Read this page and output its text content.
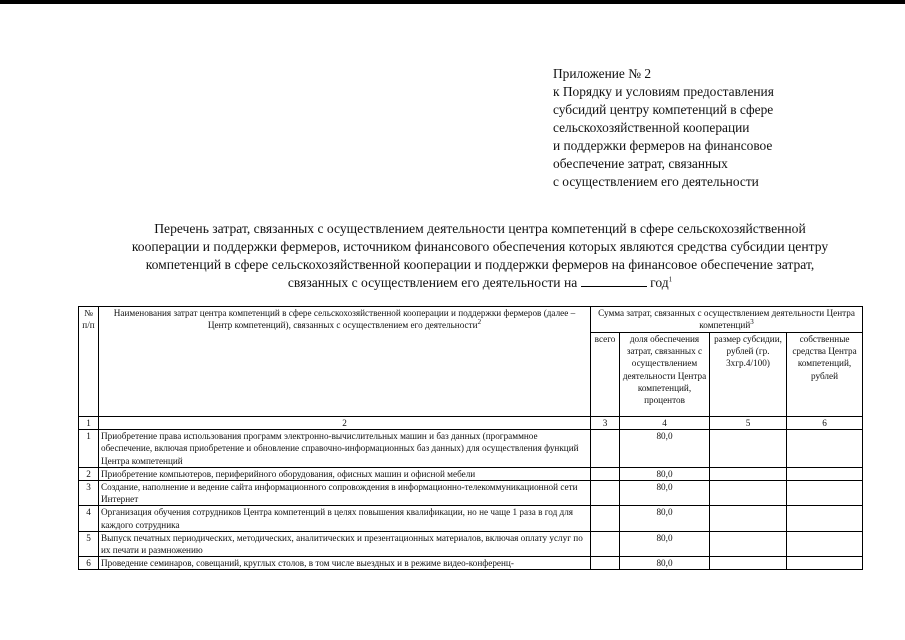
Приложение № 2
к Порядку и условиям предоставления
субсидий центру компетенций в сфере
сельскохозяйственной кооперации
и поддержки фермеров на финансовое
обеспечение затрат, связанных
с осуществлением его деятельности
Перечень затрат, связанных с осуществлением деятельности центра компетенций в сфере сельскохозяйственной
кооперации и поддержки фермеров, источником финансового обеспечения которых являются средства субсидии центру
компетенций в сфере сельскохозяйственной кооперации и поддержки фермеров на финансовое обеспечение затрат,
связанных с осуществлением его деятельности на	год$^1$
№ п/п	Наименования затрат центра компетенций в сфере сельскохозяйственной кооперации и поддержки фермеров (далее – Центр компетенций), связанных с осуществлением его деятельности$^2$	Сумма затрат, связанных с осуществлением деятельности Центра компетенций$^3$
		всего	доля обеспечения затрат, связанных с осуществлением деятельности Центра компетенций, процентов	размер субсидии, рублей (гр. 3хгр.4/100)	собственные средства Центра компетенций, рублей
1	2	3	4	5	6
1	Приобретение права использования программ электронно-вычислительных машин и баз данных (программное обеспечение, включая приобретение и обновление справочно-информационных баз данных) для осуществления функций Центра компетенций		80,0		
2	Приобретение компьютеров, периферийного оборудования, офисных машин и офисной мебели		80,0		
3	Создание, наполнение и ведение сайта информационного сопровождения в информационно-телекоммуникационной сети Интернет		80,0		
4	Организация обучения сотрудников Центра компетенций в целях повышения квалификации, но не чаще 1 раза в год для каждого сотрудника		80,0		
5	Выпуск печатных периодических, методических, аналитических и презентационных материалов, включая оплату услуг по их печати и размножению		80,0		
6	Проведение семинаров, совещаний, круглых столов, в том числе выездных и в режиме видео-конференц-		80,0		
